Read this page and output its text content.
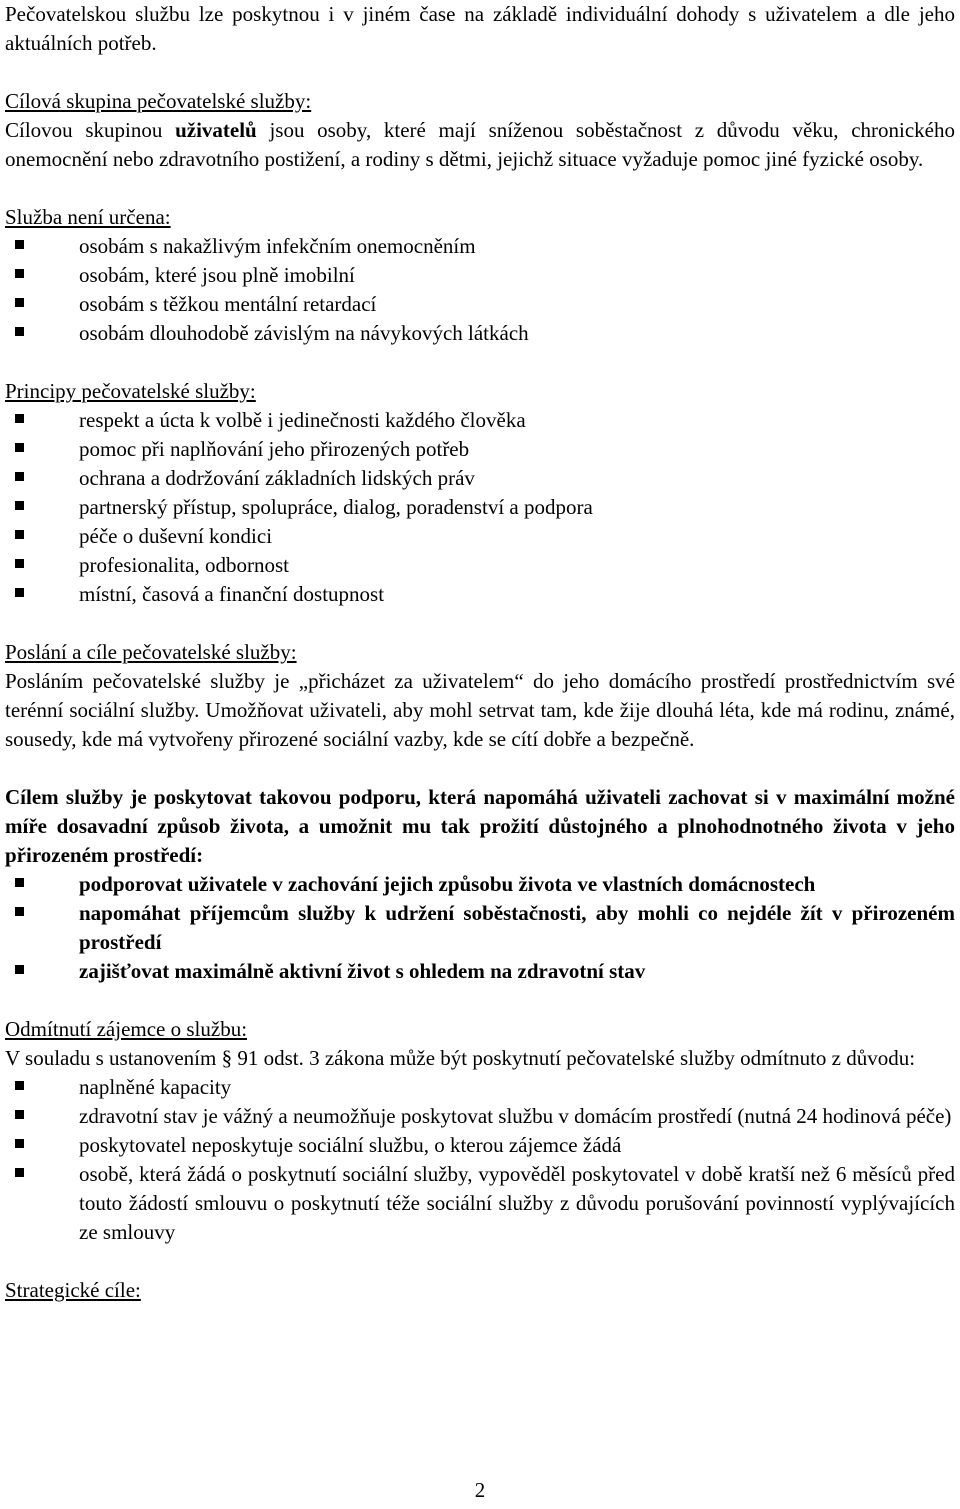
Pečovatelskou službu lze poskytnou i v jiném čase na základě individuální dohody s uživatelem a dle jeho aktuálních potřeb.

Cílová skupina pečovatelské služby:

Cílovou skupinou uživatelů jsou osoby, které mají sníženou soběstačnost z důvodu věku, chronického onemocnění nebo zdravotního postižení, a rodiny s dětmi, jejichž situace vyžaduje pomoc jiné fyzické osoby.

Služba není určena:

osobám s nakažlivým infekčním onemocněním
osobám, které jsou plně imobilní
osobám s těžkou mentální retardací
osobám dlouhodobě závislým na návykových látkách

Principy pečovatelské služby:

respekt a úcta k volbě i jedinečnosti každého člověka
pomoc při naplňování jeho přirozených potřeb
ochrana a dodržování základních lidských práv
partnerský přístup, spolupráce, dialog, poradenství a podpora
péče o duševní kondici
profesionalita, odbornost
místní, časová a finanční dostupnost

Poslání a cíle pečovatelské služby:

Posláním pečovatelské služby je „přicházet za uživatelem“ do jeho domácího prostředí prostřednictvím své terénní sociální služby. Umožňovat uživateli, aby mohl setrvat tam, kde žije dlouhá léta, kde má rodinu, známé, sousedy, kde má vytvořeny přirozené sociální vazby, kde se cítí dobře a bezpečně.

Cílem služby je poskytovat takovou podporu, která napomáhá uživateli zachovat si v maximální možné míře dosavadní způsob života, a umožnit mu tak prožití důstojného a plnohodnotného života v jeho přirozeném prostředí:

podporovat uživatele v zachování jejich způsobu života ve vlastních domácnostech
napomáhat příjemcům služby k udržení soběstačnosti, aby mohli co nejdéle žít v přirozeném prostředí
zajišťovat maximálně aktivní život s ohledem na zdravotní stav

Odmítnutí zájemce o službu:

V souladu s ustanovením § 91 odst. 3 zákona může být poskytnutí pečovatelské služby odmítnuto z důvodu:

naplněné kapacity
zdravotní stav je vážný a neumožňuje poskytovat službu v domácím prostředí (nutná 24 hodinová péče)
poskytovatel neposkytuje sociální službu, o kterou zájemce žádá
osobě, která žádá o poskytnutí sociální služby, vypověděl poskytovatel v době kratší než 6 měsíců před touto žádostí smlouvu o poskytnutí téže sociální služby z důvodu porušování povinností vyplývajících ze smlouvy

Strategické cíle:

2
